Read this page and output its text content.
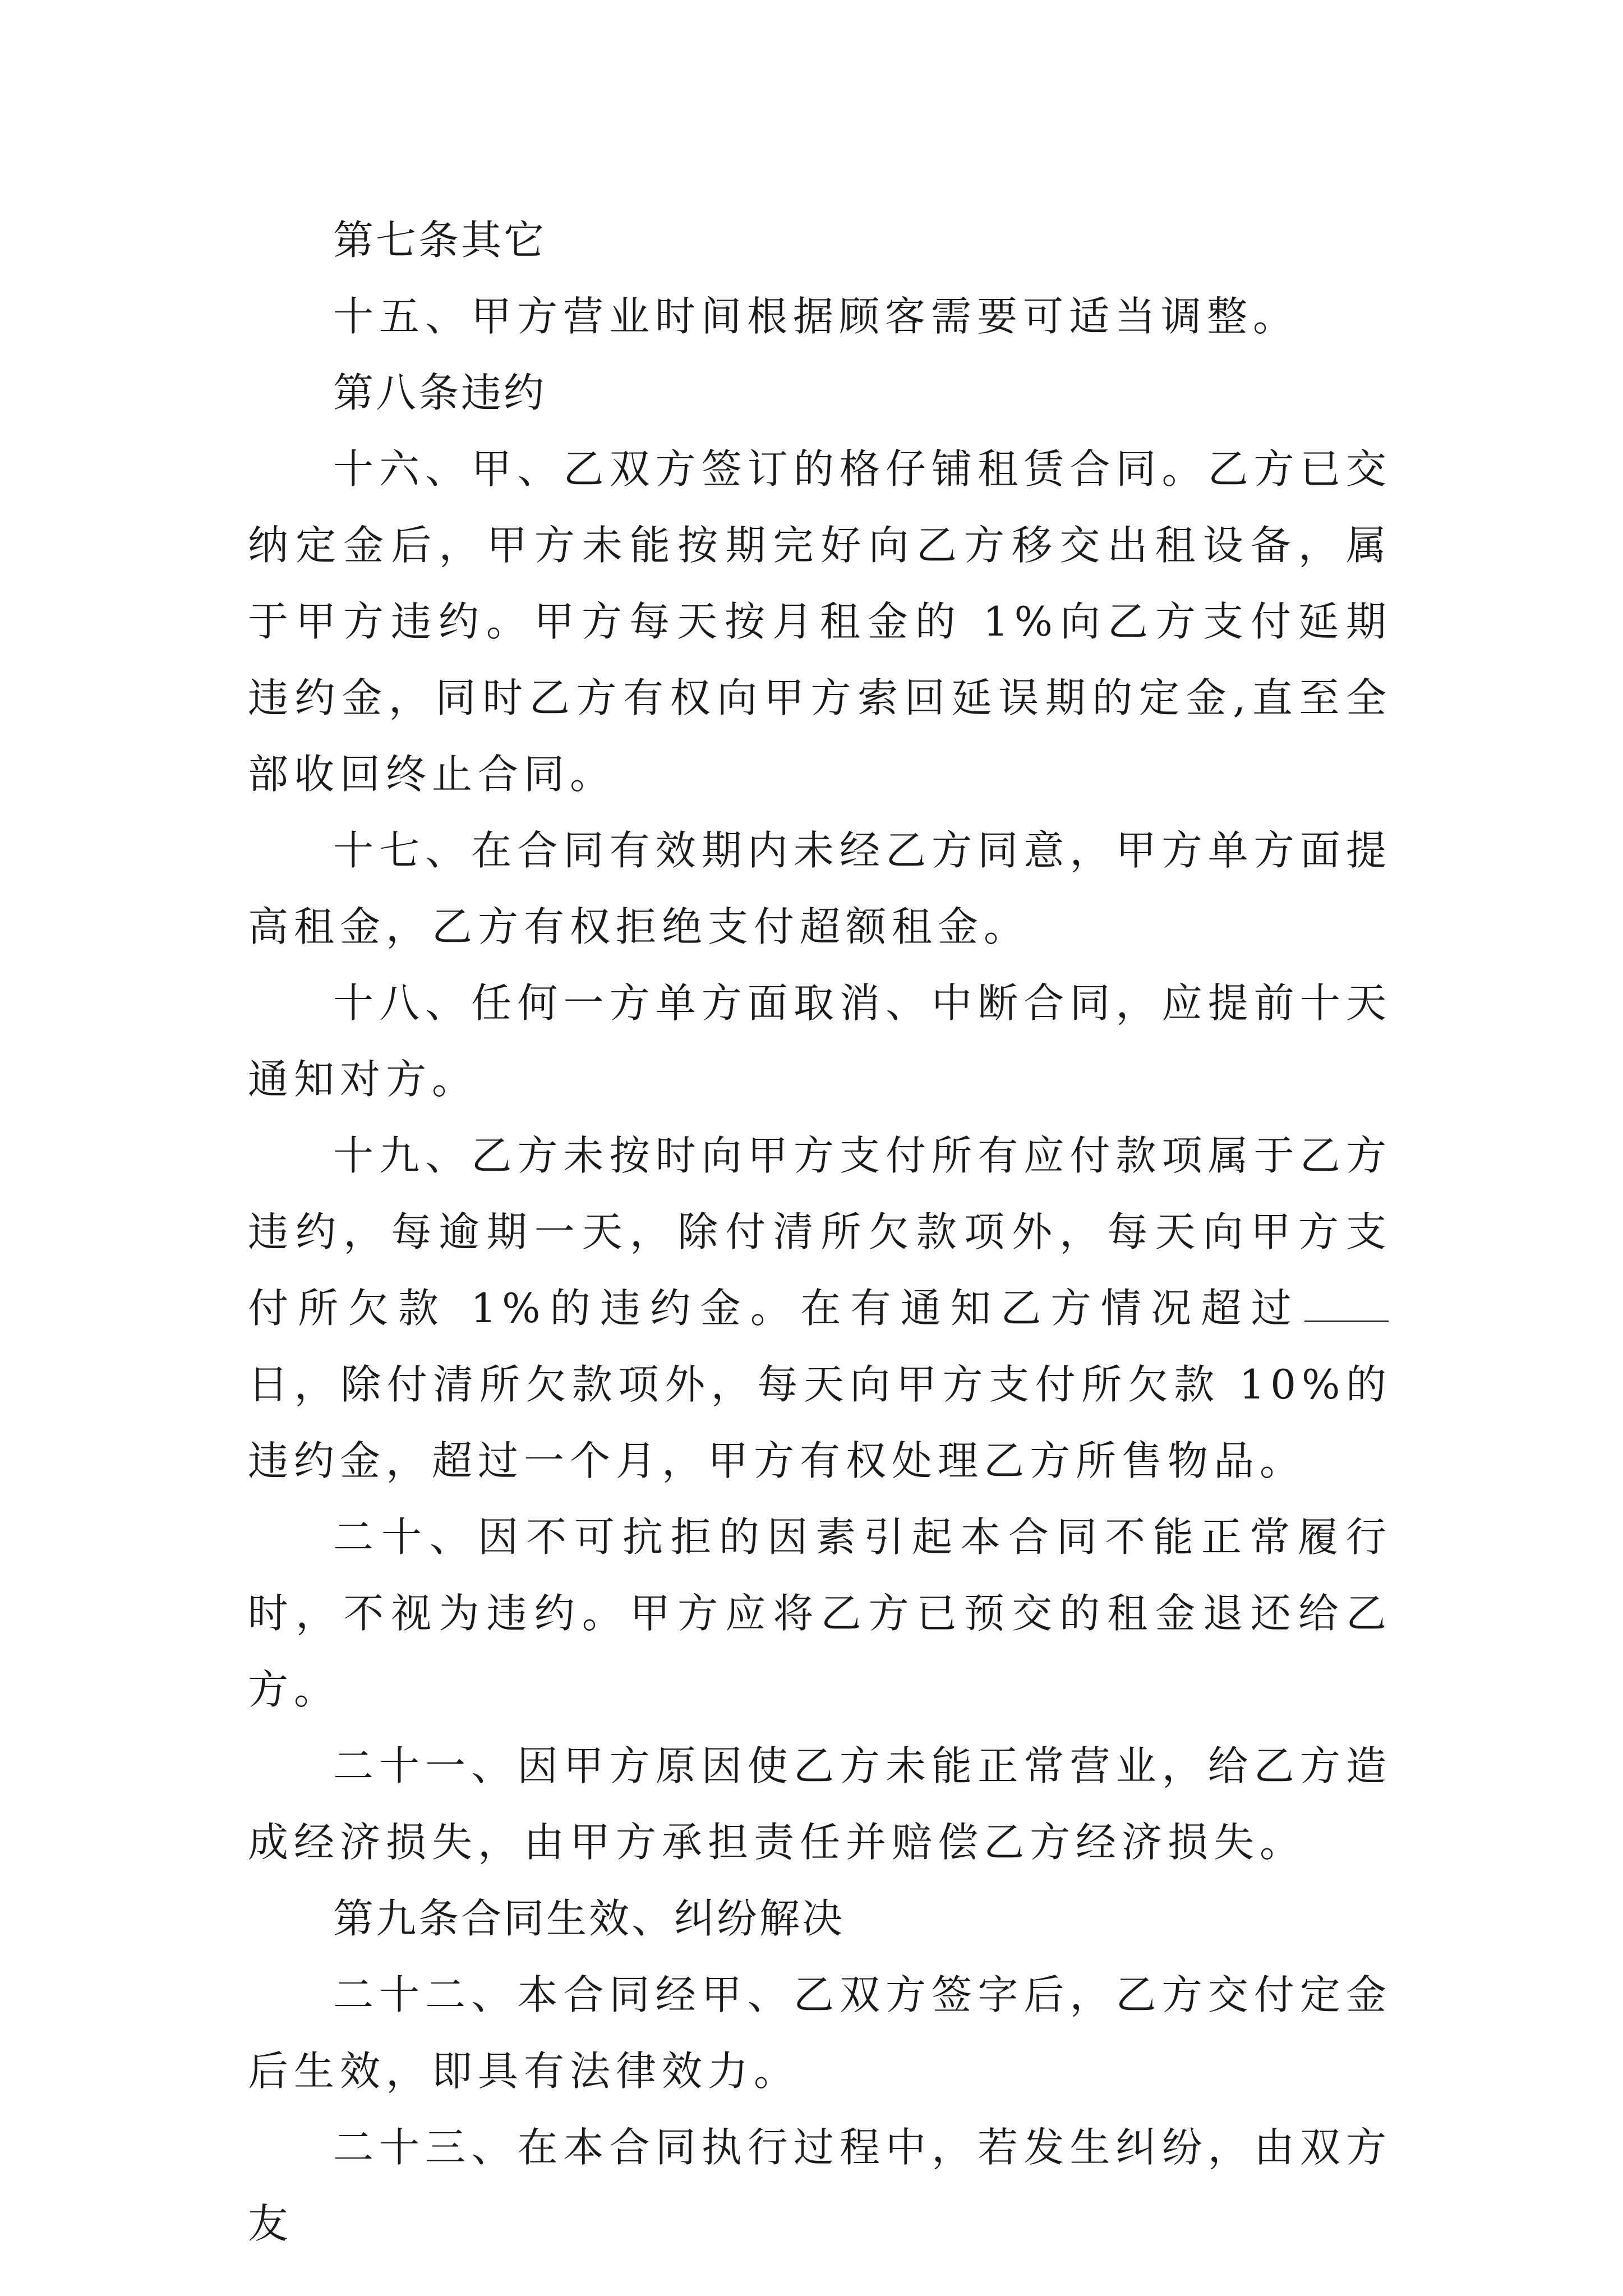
第七条其它

十五、甲方营业时间根据顾客需要可适当调整。

第八条违约

十六、甲、乙双方签订的格仔铺租赁合同。乙方已交纳定金后，甲方未能按期完好向乙方移交出租设备，属于甲方违约。甲方每天按月租金的 1%向乙方支付延期违约金，同时乙方有权向甲方索回延误期的定金,直至全部收回终止合同。

十七、在合同有效期内未经乙方同意，甲方单方面提高租金，乙方有权拒绝支付超额租金。

十八、任何一方单方面取消、中断合同，应提前十天通知对方。

十九、乙方未按时向甲方支付所有应付款项属于乙方违约，每逾期一天，除付清所欠款项外，每天向甲方支付所欠款 1%的违约金。在有通知乙方情况超过日，除付清所欠款项外，每天向甲方支付所欠款 10%的违约金，超过一个月，甲方有权处理乙方所售物品。

二十、因不可抗拒的因素引起本合同不能正常履行时，不视为违约。甲方应将乙方已预交的租金退还给乙方。

二十一、因甲方原因使乙方未能正常营业，给乙方造成经济损失，由甲方承担责任并赔偿乙方经济损失。

第九条合同生效、纠纷解决

二十二、本合同经甲、乙双方签字后，乙方交付定金后生效，即具有法律效力。

二十三、在本合同执行过程中，若发生纠纷，由双方友
